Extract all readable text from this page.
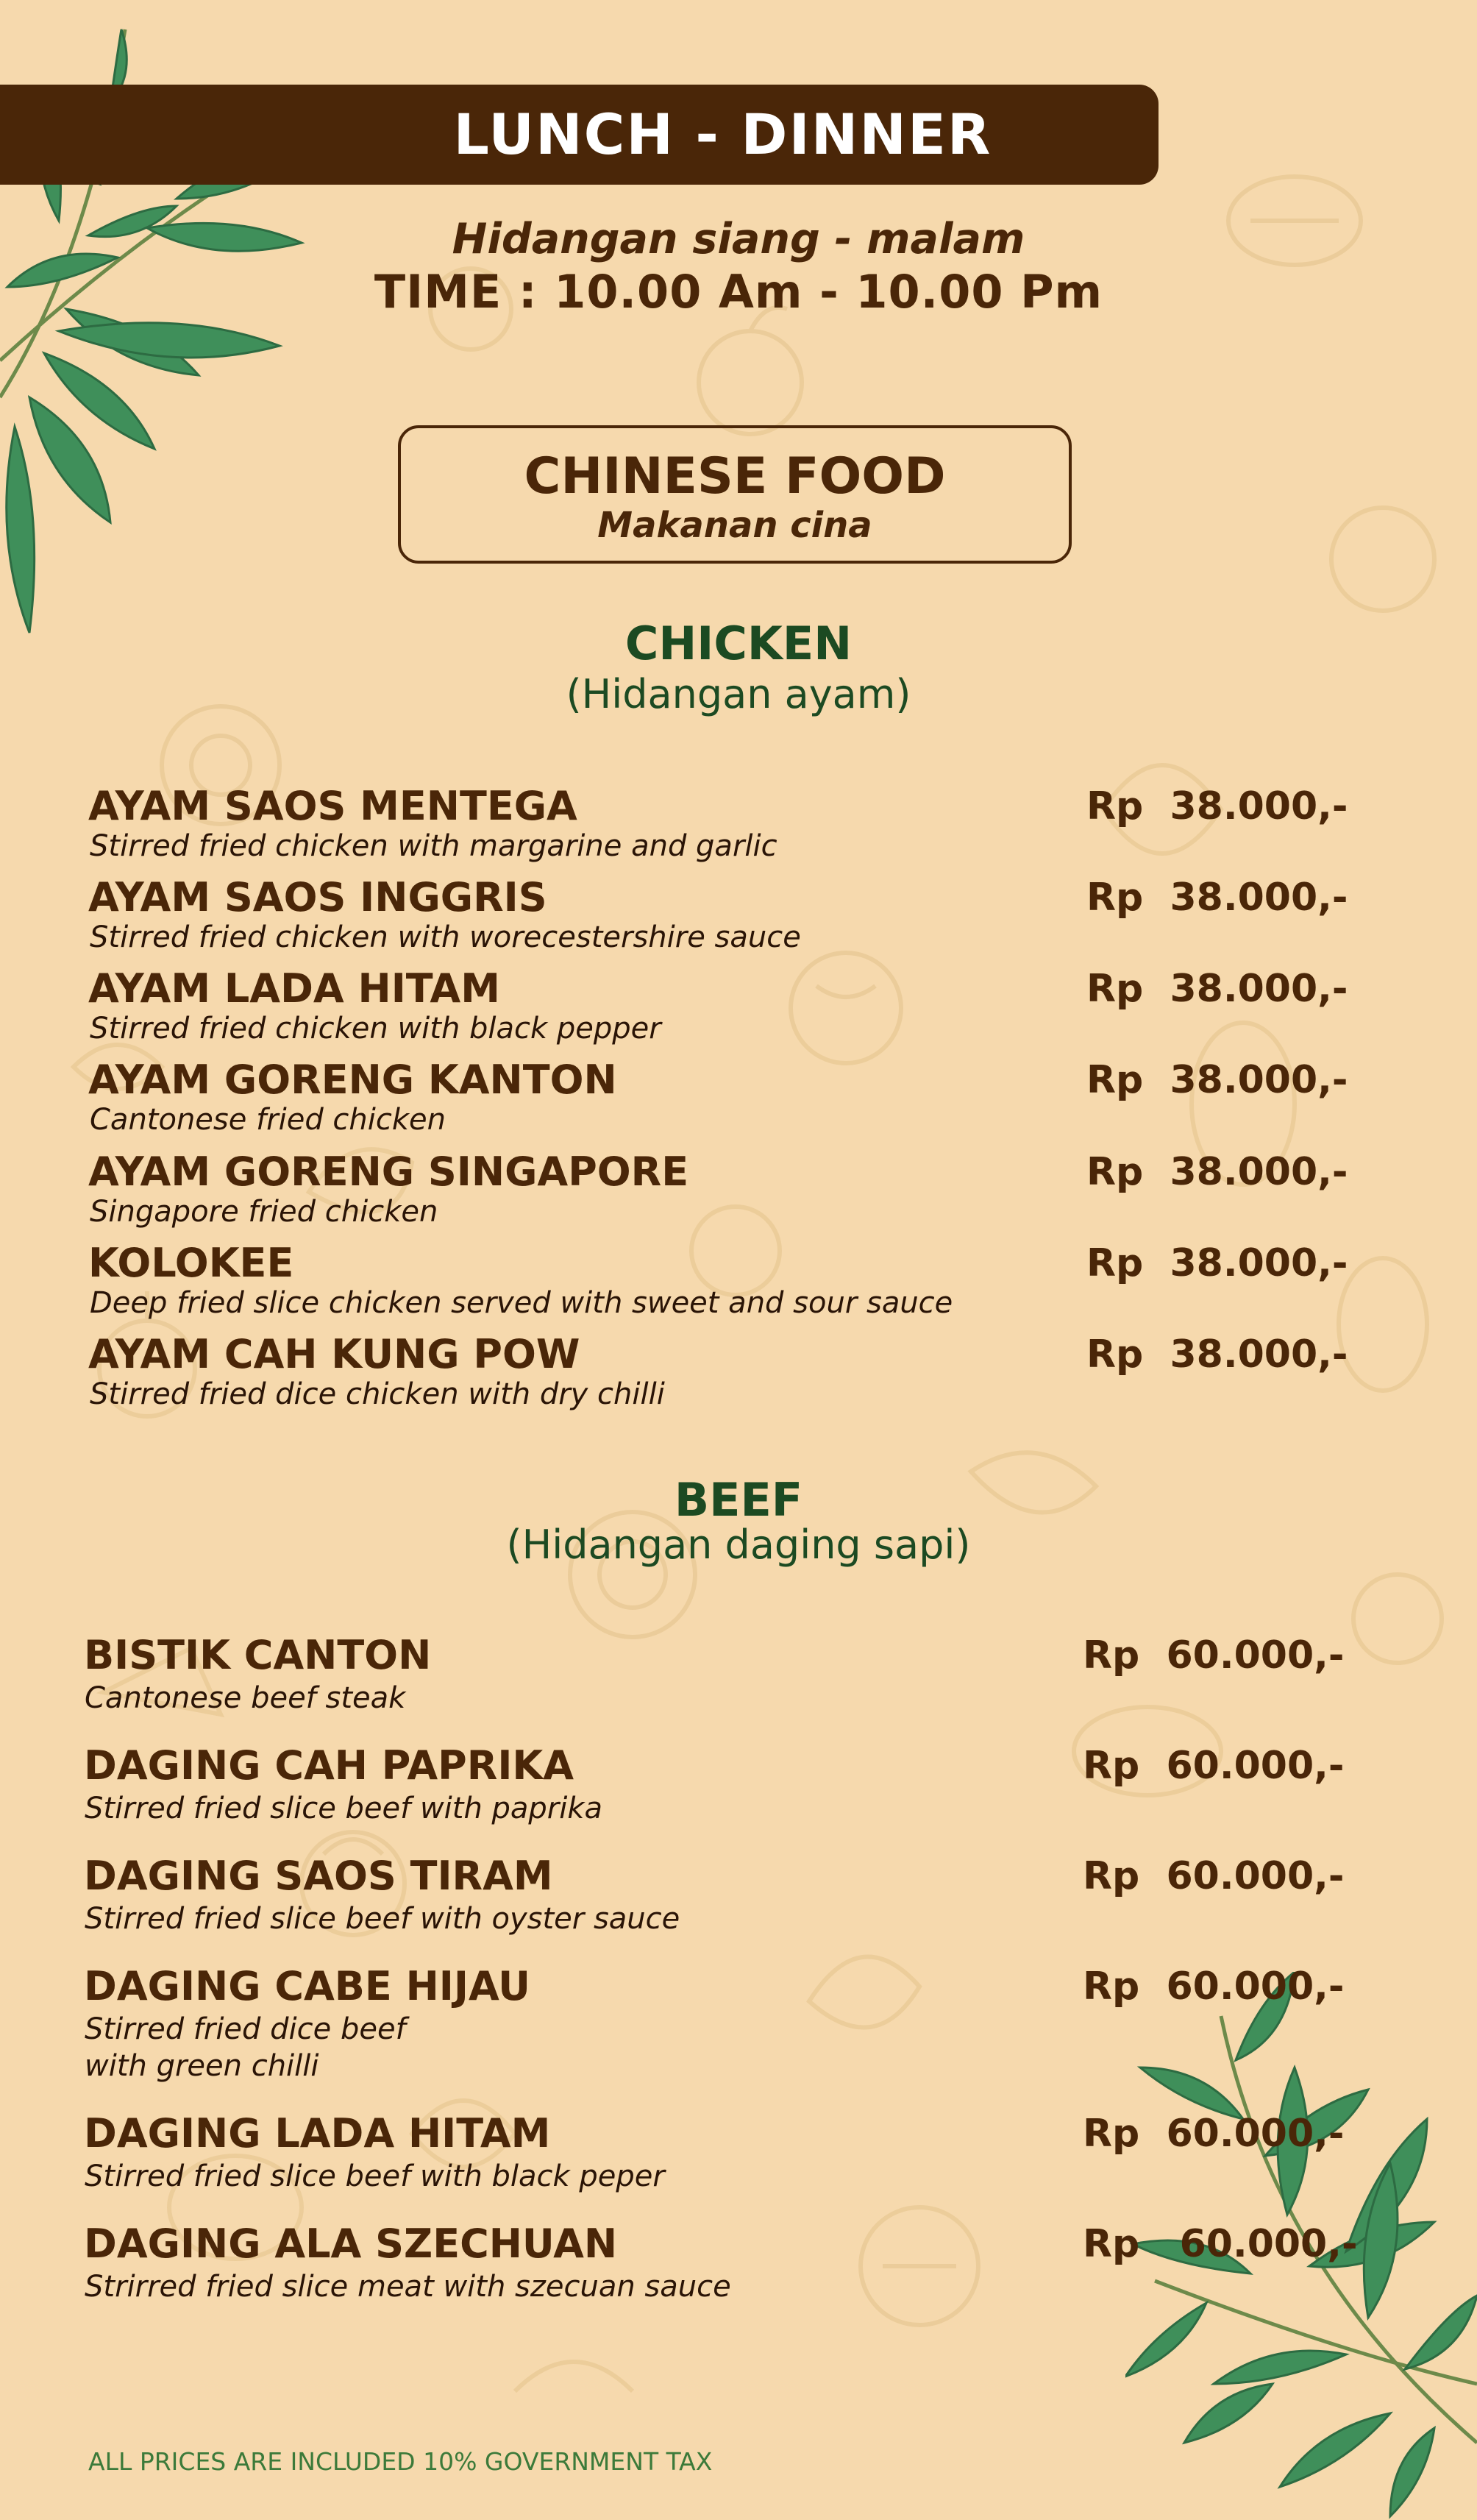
LUNCH - DINNER
Hidangan siang - malam
TIME : 10.00 Am - 10.00 Pm
CHINESE FOOD
Makanan cina
CHICKEN
(Hidangan ayam)
AYAM SAOS MENTEGA
Stirred fried chicken with margarine and garlic
Rp  38.000,-
AYAM SAOS INGGRIS
Stirred fried chicken with worecestershire sauce
Rp  38.000,-
AYAM LADA HITAM
Stirred fried chicken with black pepper
Rp  38.000,-
AYAM GORENG KANTON
Cantonese fried chicken
Rp  38.000,-
AYAM GORENG SINGAPORE
Singapore fried chicken
Rp  38.000,-
KOLOKEE
Deep fried slice chicken served with sweet and sour sauce
Rp  38.000,-
AYAM CAH KUNG POW
Stirred fried dice chicken with dry chilli
Rp  38.000,-
BEEF
(Hidangan daging sapi)
BISTIK CANTON
Cantonese beef steak
Rp  60.000,-
DAGING CAH PAPRIKA
Stirred fried slice beef with paprika
Rp  60.000,-
DAGING SAOS TIRAM
Stirred fried slice beef with oyster sauce
Rp  60.000,-
DAGING CABE HIJAU
Stirred fried dice beef
with green chilli
Rp  60.000,-
DAGING LADA HITAM
Stirred fried slice beef with black peper
Rp  60.000,-
DAGING ALA SZECHUAN
Strirred fried slice meat with szecuan sauce
Rp   60.000,-
ALL PRICES ARE INCLUDED 10% GOVERNMENT TAX
